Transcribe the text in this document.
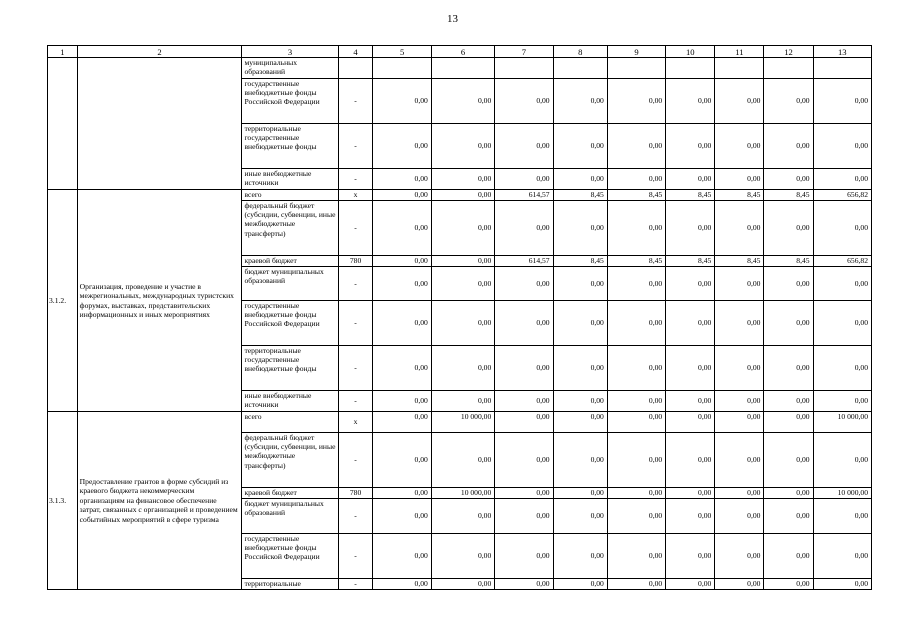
13
1	2	3	4	5	6	7	8	9	10	11	12	13
		муниципальных образований										
		государственные внебюджетные фонды Российской Федерации	-	0,00	0,00	0,00	0,00	0,00	0,00	0,00	0,00	0,00
		территориальные государственные внебюджетные фонды	-	0,00	0,00	0,00	0,00	0,00	0,00	0,00	0,00	0,00
		иные внебюджетные источники	-	0,00	0,00	0,00	0,00	0,00	0,00	0,00	0,00	0,00
3.1.2.	Организация, проведение и участие в межрегиональных, международных туристских форумах, выставках, представительских информационных и иных мероприятиях	всего	x	0,00	0,00	614,57	8,45	8,45	8,45	8,45	8,45	656,82
		федеральный бюджет (субсидии, субвенции, иные межбюджетные трансферты)	-	0,00	0,00	0,00	0,00	0,00	0,00	0,00	0,00	0,00
		краевой бюджет	780	0,00	0,00	614,57	8,45	8,45	8,45	8,45	8,45	656,82
		бюджет муниципальных образований	-	0,00	0,00	0,00	0,00	0,00	0,00	0,00	0,00	0,00
		государственные внебюджетные фонды Российской Федерации	-	0,00	0,00	0,00	0,00	0,00	0,00	0,00	0,00	0,00
		территориальные государственные внебюджетные фонды	-	0,00	0,00	0,00	0,00	0,00	0,00	0,00	0,00	0,00
		иные внебюджетные источники	-	0,00	0,00	0,00	0,00	0,00	0,00	0,00	0,00	0,00
3.1.3.	Предоставление грантов в форме субсидий из краевого бюджета некоммерческим организациям на финансовое обеспечение затрат, связанных с организацией и проведением событийных мероприятий в сфере туризма	всего	x	0,00	10 000,00	0,00	0,00	0,00	0,00	0,00	0,00	10 000,00
		федеральный бюджет (субсидии, субвенции, иные межбюджетные трансферты)	-	0,00	0,00	0,00	0,00	0,00	0,00	0,00	0,00	0,00
		краевой бюджет	780	0,00	10 000,00	0,00	0,00	0,00	0,00	0,00	0,00	10 000,00
		бюджет муниципальных образований	-	0,00	0,00	0,00	0,00	0,00	0,00	0,00	0,00	0,00
		государственные внебюджетные фонды Российской Федерации	-	0,00	0,00	0,00	0,00	0,00	0,00	0,00	0,00	0,00
		территориальные	-	0,00	0,00	0,00	0,00	0,00	0,00	0,00	0,00	0,00
